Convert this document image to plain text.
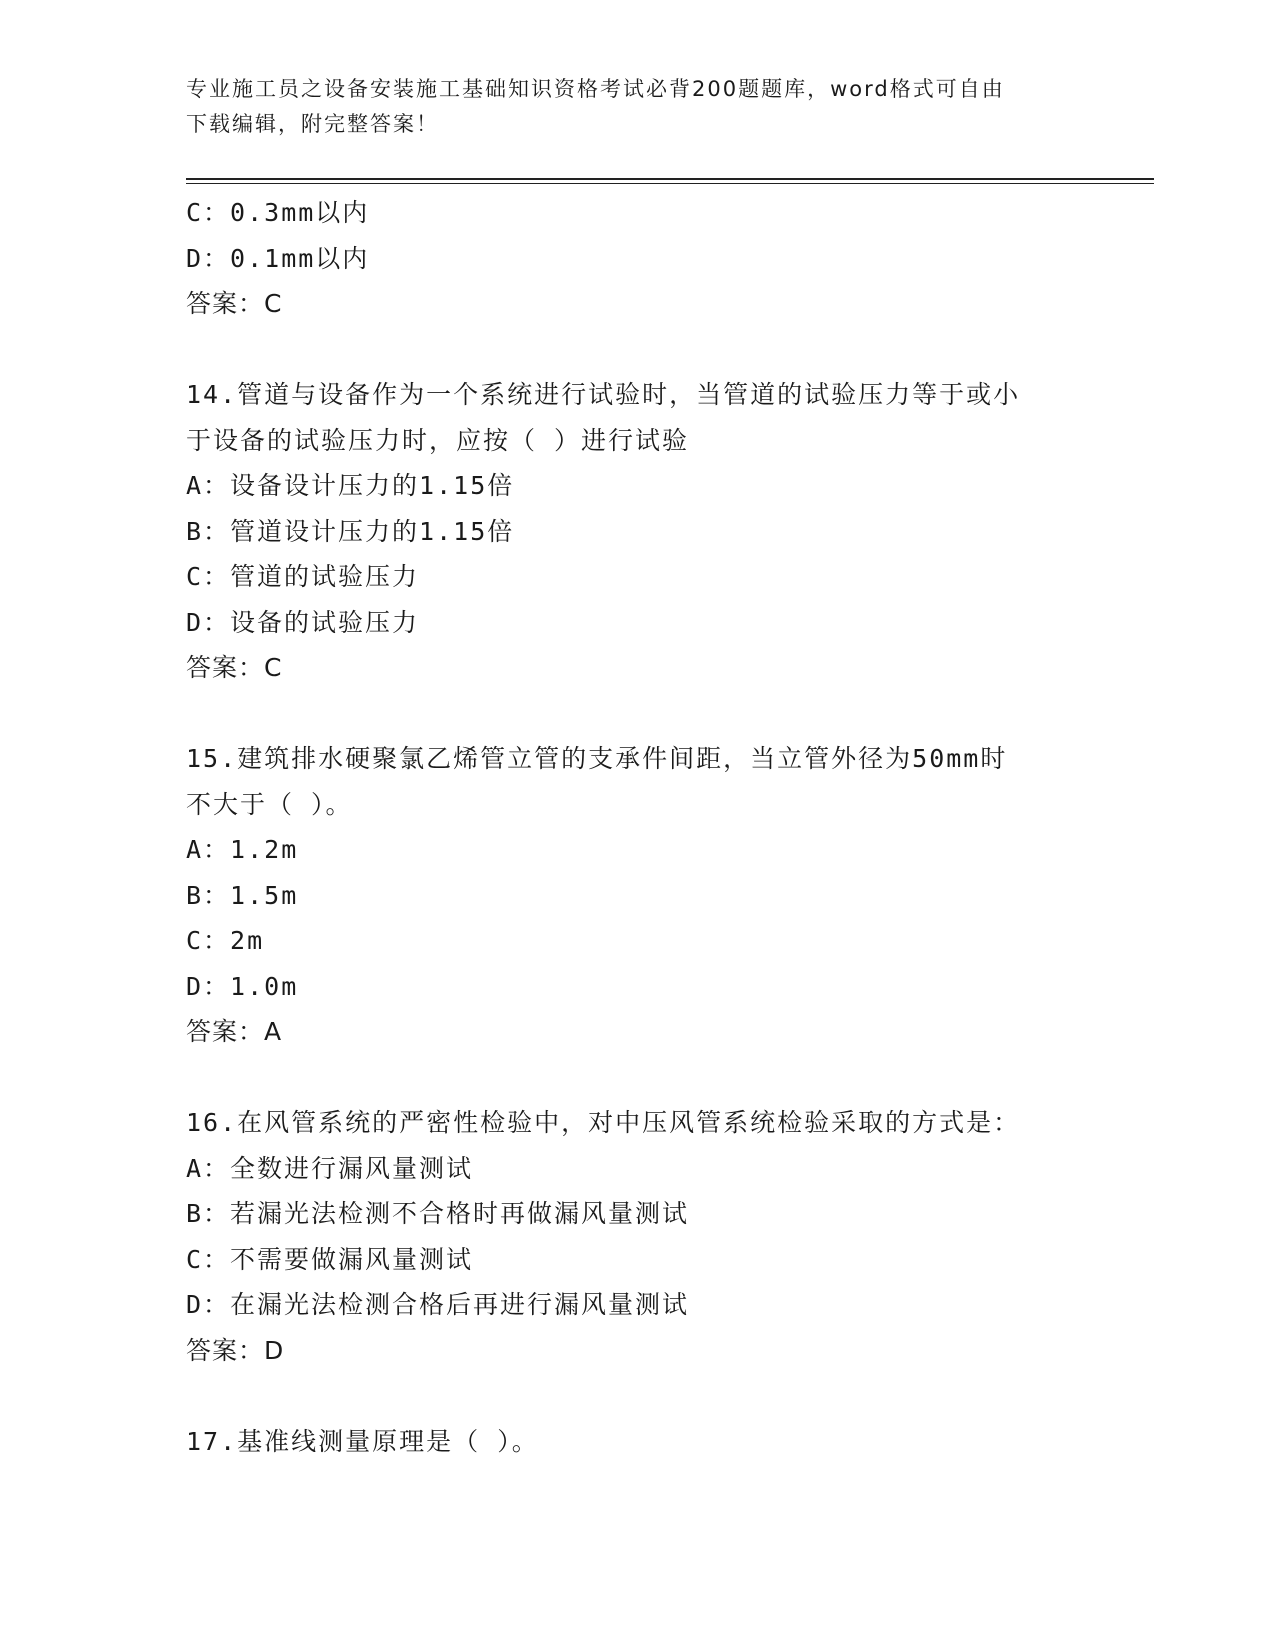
专业施工员之设备安装施工基础知识资格考试必背200题题库，word格式可自由
下载编辑，附完整答案！
C：0.3mm以内
D：0.1mm以内
答案：C
14.管道与设备作为一个系统进行试验时，当管道的试验压力等于或小
于设备的试验压力时，应按（ ）进行试验
A：设备设计压力的1.15倍
B：管道设计压力的1.15倍
C：管道的试验压力
D：设备的试验压力
答案：C
15.建筑排水硬聚氯乙烯管立管的支承件间距，当立管外径为50mm时
不大于（ ）。
A：1.2m
B：1.5m
C：2m
D：1.0m
答案：A
16.在风管系统的严密性检验中，对中压风管系统检验采取的方式是：
A：全数进行漏风量测试
B：若漏光法检测不合格时再做漏风量测试
C：不需要做漏风量测试
D：在漏光法检测合格后再进行漏风量测试
答案：D
17.基准线测量原理是（ ）。
